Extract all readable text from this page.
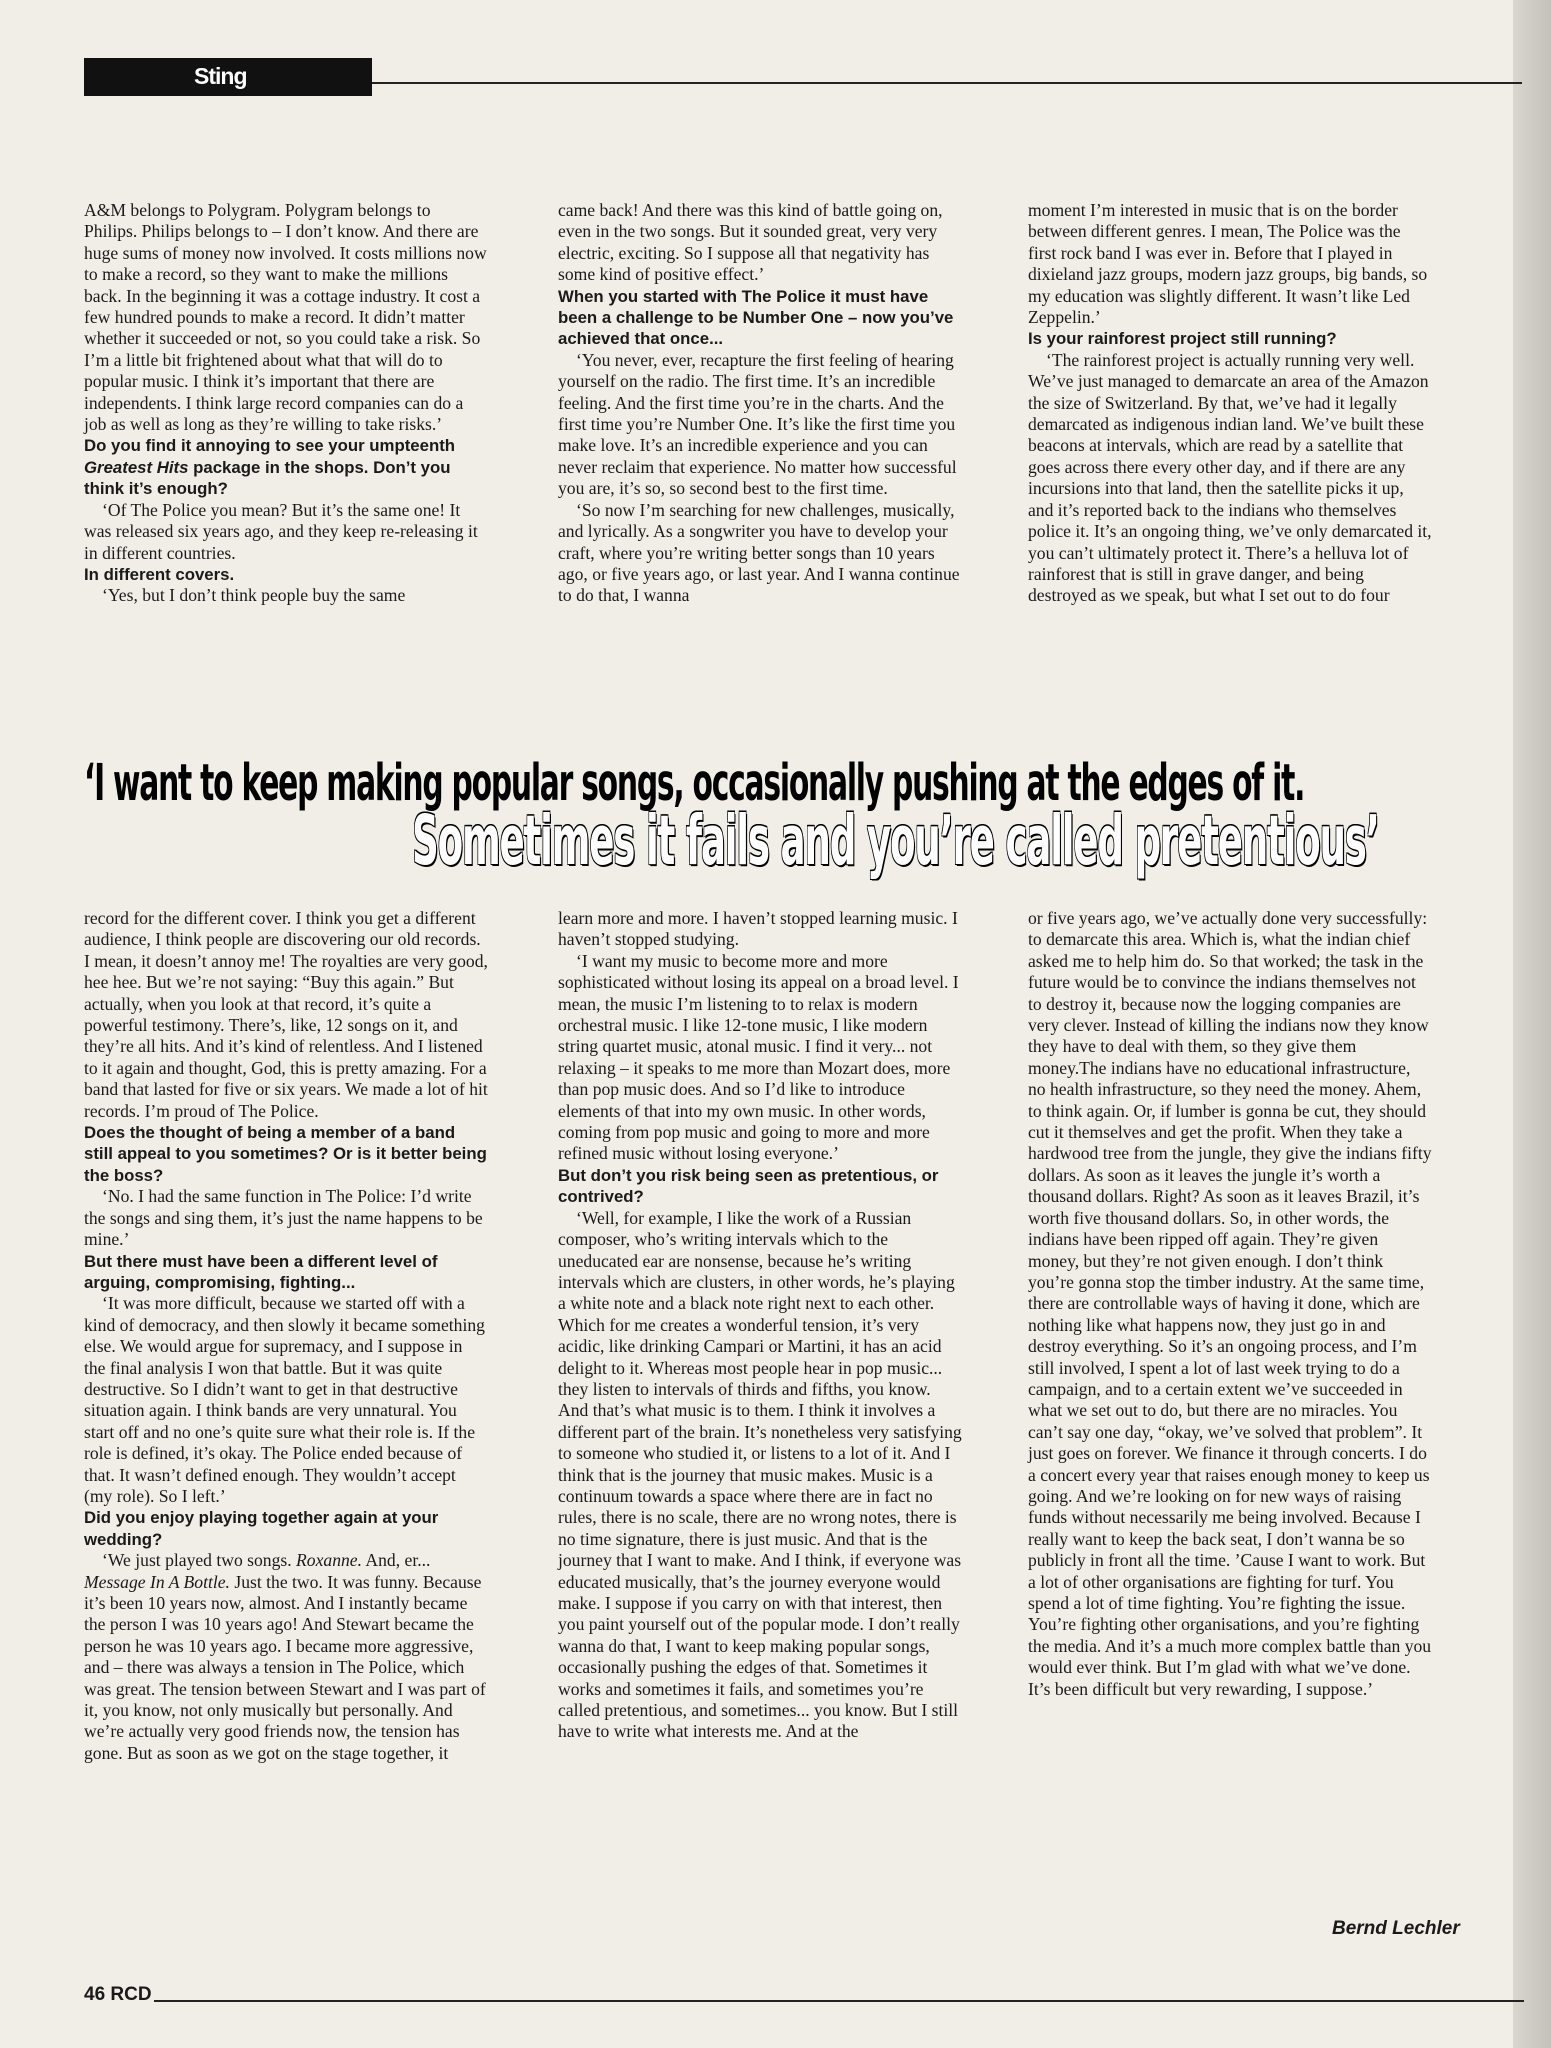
Sting

A&M belongs to Polygram. Polygram belongs to Philips. Philips belongs to – I don’t know. And there are huge sums of money now involved. It costs millions now to make a record, so they want to make the millions back. In the beginning it was a cottage industry. It cost a few hundred pounds to make a record. It didn’t matter whether it succeeded or not, so you could take a risk. So I’m a little bit frightened about what that will do to popular music. I think it’s important that there are independents. I think large record companies can do a job as well as long as they’re willing to take risks.’

Do you find it annoying to see your umpteenth Greatest Hits package in the shops. Don’t you think it’s enough?

‘Of The Police you mean? But it’s the same one! It was released six years ago, and they keep re-releasing it in different countries.

In different covers.

‘Yes, but I don’t think people buy the same

came back! And there was this kind of battle going on, even in the two songs. But it sounded great, very very electric, exciting. So I suppose all that negativity has some kind of positive effect.’

When you started with The Police it must have been a challenge to be Number One – now you’ve achieved that once...

‘You never, ever, recapture the first feeling of hearing yourself on the radio. The first time. It’s an incredible feeling. And the first time you’re in the charts. And the first time you’re Number One. It’s like the first time you make love. It’s an incredible experience and you can never reclaim that experience. No matter how successful you are, it’s so, so second best to the first time.

‘So now I’m searching for new challenges, musically, and lyrically. As a songwriter you have to develop your craft, where you’re writing better songs than 10 years ago, or five years ago, or last year. And I wanna continue to do that, I wanna

moment I’m interested in music that is on the border between different genres. I mean, The Police was the first rock band I was ever in. Before that I played in dixieland jazz groups, modern jazz groups, big bands, so my education was slightly different. It wasn’t like Led Zeppelin.’

Is your rainforest project still running?

‘The rainforest project is actually running very well. We’ve just managed to demarcate an area of the Amazon the size of Switzerland. By that, we’ve had it legally demarcated as indigenous indian land. We’ve built these beacons at intervals, which are read by a satellite that goes across there every other day, and if there are any incursions into that land, then the satellite picks it up, and it’s reported back to the indians who themselves police it. It’s an ongoing thing, we’ve only demarcated it, you can’t ultimately protect it. There’s a helluva lot of rainforest that is still in grave danger, and being destroyed as we speak, but what I set out to do four

‘I want to keep making popular songs, occasionally pushing at the edges of it.
Sometimes it fails and you’re called pretentious’

record for the different cover. I think you get a different audience, I think people are discovering our old records. I mean, it doesn’t annoy me! The royalties are very good, hee hee. But we’re not saying: “Buy this again.” But actually, when you look at that record, it’s quite a powerful testimony. There’s, like, 12 songs on it, and they’re all hits. And it’s kind of relentless. And I listened to it again and thought, God, this is pretty amazing. For a band that lasted for five or six years. We made a lot of hit records. I’m proud of The Police.

Does the thought of being a member of a band still appeal to you sometimes? Or is it better being the boss?

‘No. I had the same function in The Police: I’d write the songs and sing them, it’s just the name happens to be mine.’

But there must have been a different level of arguing, compromising, fighting...

‘It was more difficult, because we started off with a kind of democracy, and then slowly it became something else. We would argue for supremacy, and I suppose in the final analysis I won that battle. But it was quite destructive. So I didn’t want to get in that destructive situation again. I think bands are very unnatural. You start off and no one’s quite sure what their role is. If the role is defined, it’s okay. The Police ended because of that. It wasn’t defined enough. They wouldn’t accept (my role). So I left.’

Did you enjoy playing together again at your wedding?

‘We just played two songs. Roxanne. And, er... Message In A Bottle. Just the two. It was funny. Because it’s been 10 years now, almost. And I instantly became the person I was 10 years ago! And Stewart became the person he was 10 years ago. I became more aggressive, and – there was always a tension in The Police, which was great. The tension between Stewart and I was part of it, you know, not only musically but personally. And we’re actually very good friends now, the tension has gone. But as soon as we got on the stage together, it

learn more and more. I haven’t stopped learning music. I haven’t stopped studying.

‘I want my music to become more and more sophisticated without losing its appeal on a broad level. I mean, the music I’m listening to to relax is modern orchestral music. I like 12-tone music, I like modern string quartet music, atonal music. I find it very... not relaxing – it speaks to me more than Mozart does, more than pop music does. And so I’d like to introduce elements of that into my own music. In other words, coming from pop music and going to more and more refined music without losing everyone.’

But don’t you risk being seen as pretentious, or contrived?

‘Well, for example, I like the work of a Russian composer, who’s writing intervals which to the uneducated ear are nonsense, because he’s writing intervals which are clusters, in other words, he’s playing a white note and a black note right next to each other. Which for me creates a wonderful tension, it’s very acidic, like drinking Campari or Martini, it has an acid delight to it. Whereas most people hear in pop music... they listen to intervals of thirds and fifths, you know. And that’s what music is to them. I think it involves a different part of the brain. It’s nonetheless very satisfying to someone who studied it, or listens to a lot of it. And I think that is the journey that music makes. Music is a continuum towards a space where there are in fact no rules, there is no scale, there are no wrong notes, there is no time signature, there is just music. And that is the journey that I want to make. And I think, if everyone was educated musically, that’s the journey everyone would make. I suppose if you carry on with that interest, then you paint yourself out of the popular mode. I don’t really wanna do that, I want to keep making popular songs, occasionally pushing the edges of that. Sometimes it works and sometimes it fails, and sometimes you’re called pretentious, and sometimes... you know. But I still have to write what interests me. And at the

or five years ago, we’ve actually done very successfully: to demarcate this area. Which is, what the indian chief asked me to help him do. So that worked; the task in the future would be to convince the indians themselves not to destroy it, because now the logging companies are very clever. Instead of killing the indians now they know they have to deal with them, so they give them money.The indians have no educational infrastructure, no health infrastructure, so they need the money. Ahem, to think again. Or, if lumber is gonna be cut, they should cut it themselves and get the profit. When they take a hardwood tree from the jungle, they give the indians fifty dollars. As soon as it leaves the jungle it’s worth a thousand dollars. Right? As soon as it leaves Brazil, it’s worth five thousand dollars. So, in other words, the indians have been ripped off again. They’re given money, but they’re not given enough. I don’t think you’re gonna stop the timber industry. At the same time, there are controllable ways of having it done, which are nothing like what happens now, they just go in and destroy everything. So it’s an ongoing process, and I’m still involved, I spent a lot of last week trying to do a campaign, and to a certain extent we’ve succeeded in what we set out to do, but there are no miracles. You can’t say one day, “okay, we’ve solved that problem”. It just goes on forever. We finance it through concerts. I do a concert every year that raises enough money to keep us going. And we’re looking on for new ways of raising funds without necessarily me being involved. Because I really want to keep the back seat, I don’t wanna be so publicly in front all the time. ’Cause I want to work. But a lot of other organisations are fighting for turf. You spend a lot of time fighting. You’re fighting the issue. You’re fighting other organisations, and you’re fighting the media. And it’s a much more complex battle than you would ever think. But I’m glad with what we’ve done. It’s been difficult but very rewarding, I suppose.’

Bernd Lechler
46 RCD
